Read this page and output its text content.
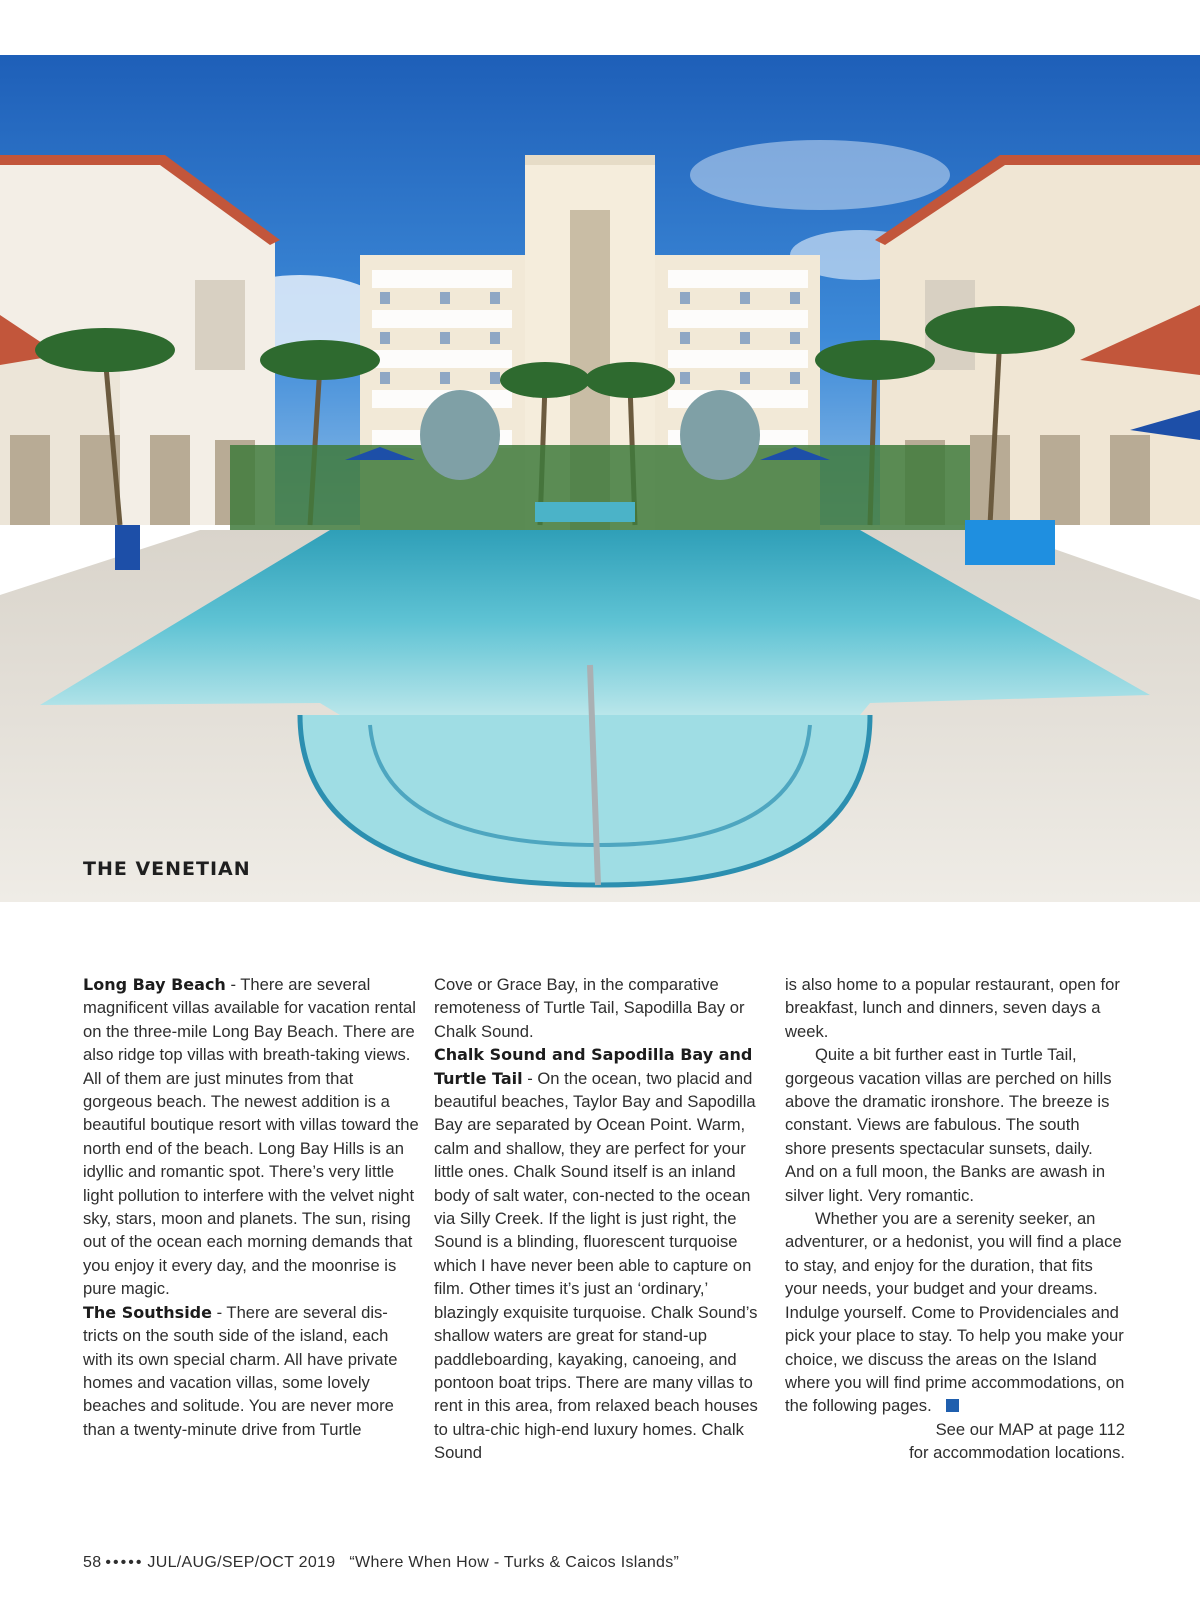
THE VENETIAN

Long Bay Beach - There are several magnificent villas available for vacation rental on the three-mile Long Bay Beach. There are also ridge top villas with breath-taking views. All of them are just minutes from that gorgeous beach. The newest addition is a beautiful boutique resort with villas toward the north end of the beach. Long Bay Hills is an idyllic and romantic spot. There’s very little light pollution to interfere with the velvet night sky, stars, moon and planets. The sun, rising out of the ocean each morning demands that you enjoy it every day, and the moonrise is pure magic.

The Southside - There are several dis-tricts on the south side of the island, each with its own special charm. All have private homes and vacation villas, some lovely beaches and solitude. You are never more than a twenty-minute drive from Turtle

Cove or Grace Bay, in the comparative remoteness of Turtle Tail, Sapodilla Bay or Chalk Sound.

Chalk Sound and Sapodilla Bay and Turtle Tail - On the ocean, two placid and beautiful beaches, Taylor Bay and Sapodilla Bay are separated by Ocean Point. Warm, calm and shallow, they are perfect for your little ones. Chalk Sound itself is an inland body of salt water, con-nected to the ocean via Silly Creek. If the light is just right, the Sound is a blinding, fluorescent turquoise which I have never been able to capture on film. Other times it’s just an ‘ordinary,’ blazingly exquisite turquoise. Chalk Sound’s shallow waters are great for stand-up paddleboarding, kayaking, canoeing, and pontoon boat trips. There are many villas to rent in this area, from relaxed beach houses to ultra-chic high-end luxury homes. Chalk Sound

is also home to a popular restaurant, open for breakfast, lunch and dinners, seven days a week.

Quite a bit further east in Turtle Tail, gorgeous vacation villas are perched on hills above the dramatic ironshore. The breeze is constant. Views are fabulous. The south shore presents spectacular sunsets, daily. And on a full moon, the Banks are awash in silver light. Very romantic.

Whether you are a serenity seeker, an adventurer, or a hedonist, you will find a place to stay, and enjoy for the duration, that fits your needs, your budget and your dreams. Indulge yourself. Come to Providenciales and pick your place to stay. To help you make your choice, we discuss the areas on the Island where you will find prime accommodations, on the following pages.

See our MAP at page 112
for accommodation locations.

58 ••••• JUL/AUG/SEP/OCT 2019 “Where When How - Turks & Caicos Islands”
